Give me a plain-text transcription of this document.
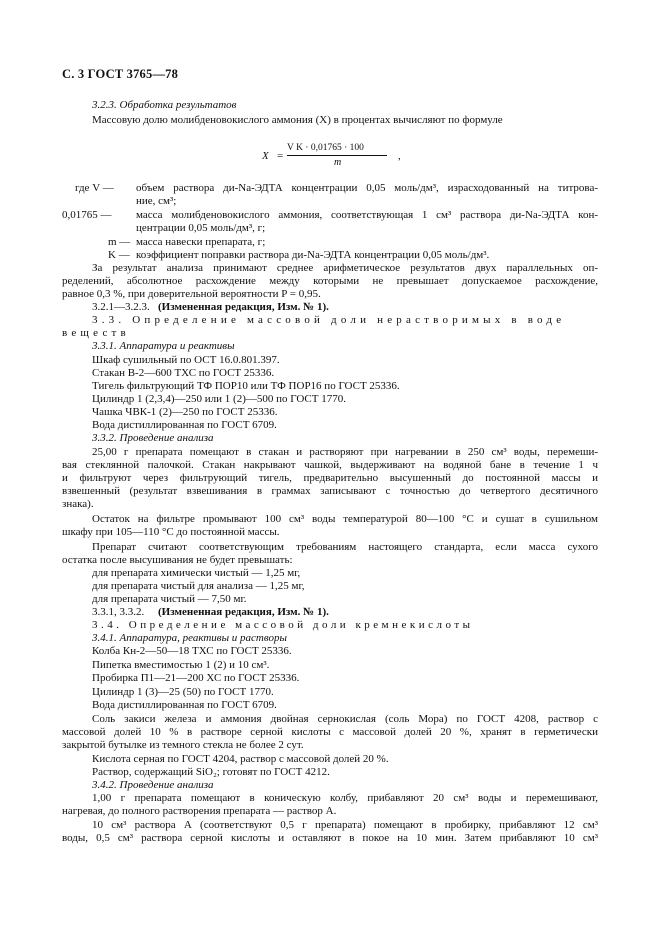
С. 3 ГОСТ 3765—78
3.2.3. Обработка результатов
Массовую долю молибденовокислого аммония (X) в процентах вычисляют по формуле
X =
V K · 0,01765 · 100
m
,
где V — объем раствора ди-Na-ЭДТА концентрации 0,05 моль/дм³, израсходованный на титрова-
ние, см³;
0,01765 — масса молибденовокислого аммония, соответствующая 1 см³ раствора ди-Na-ЭДТА кон-
центрации 0,05 моль/дм³, г;
m — масса навески препарата, г;
K — коэффициент поправки раствора ди-Na-ЭДТА концентрации 0,05 моль/дм³.
За результат анализа принимают среднее арифметическое результатов двух параллельных оп-
ределений, абсолютное расхождение между которыми не превышает допускаемое расхождение,
равное 0,3 %, при доверительной вероятности P = 0,95.
3.2.1—3.2.3. (Измененная редакция, Изм. № 1).
3.3. Определение массовой доли нерастворимых в воде
веществ
3.3.1. Аппаратура и реактивы
Шкаф сушильный по ОСТ 16.0.801.397.
Стакан В-2—600 ТХС по ГОСТ 25336.
Тигель фильтрующий ТФ ПОР10 или ТФ ПОР16 по ГОСТ 25336.
Цилиндр 1 (2,3,4)—250 или 1 (2)—500 по ГОСТ 1770.
Чашка ЧВК-1 (2)—250 по ГОСТ 25336.
Вода дистиллированная по ГОСТ 6709.
3.3.2. Проведение анализа
25,00 г препарата помещают в стакан и растворяют при нагревании в 250 см³ воды, перемеши-
вая стеклянной палочкой. Стакан накрывают чашкой, выдерживают на водяной бане в течение 1 ч
и фильтруют через фильтрующий тигель, предварительно высушенный до постоянной массы и
взвешенный (результат взвешивания в граммах записывают с точностью до четвертого десятичного
знака).
Остаток на фильтре промывают 100 см³ воды температурой 80—100 °С и сушат в сушильном
шкафу при 105—110 °С до постоянной массы.
Препарат считают соответствующим требованиям настоящего стандарта, если масса сухого
остатка после высушивания не будет превышать:
для препарата химически чистый — 1,25 мг,
для препарата чистый для анализа — 1,25 мг,
для препарата чистый — 7,50 мг.
3.3.1, 3.3.2. (Измененная редакция, Изм. № 1).
3.4. Определение массовой доли кремнекислоты
3.4.1. Аппаратура, реактивы и растворы
Колба Кн-2—50—18 ТХС по ГОСТ 25336.
Пипетка вместимостью 1 (2) и 10 см³.
Пробирка П1—21—200 ХС по ГОСТ 25336.
Цилиндр 1 (3)—25 (50) по ГОСТ 1770.
Вода дистиллированная по ГОСТ 6709.
Соль закиси железа и аммония двойная сернокислая (соль Мора) по ГОСТ 4208, раствор с
массовой долей 10 % в растворе серной кислоты с массовой долей 20 %, хранят в герметически
закрытой бутылке из темного стекла не более 2 сут.
Кислота серная по ГОСТ 4204, раствор с массовой долей 20 %.
Раствор, содержащий SiO₂; готовят по ГОСТ 4212.
3.4.2. Проведение анализа
1,00 г препарата помещают в коническую колбу, прибавляют 20 см³ воды и перемешивают,
нагревая, до полного растворения препарата — раствор А.
10 см³ раствора А (соответствуют 0,5 г препарата) помещают в пробирку, прибавляют 12 см³
воды, 0,5 см³ раствора серной кислоты и оставляют в покое на 10 мин. Затем прибавляют 10 см³
